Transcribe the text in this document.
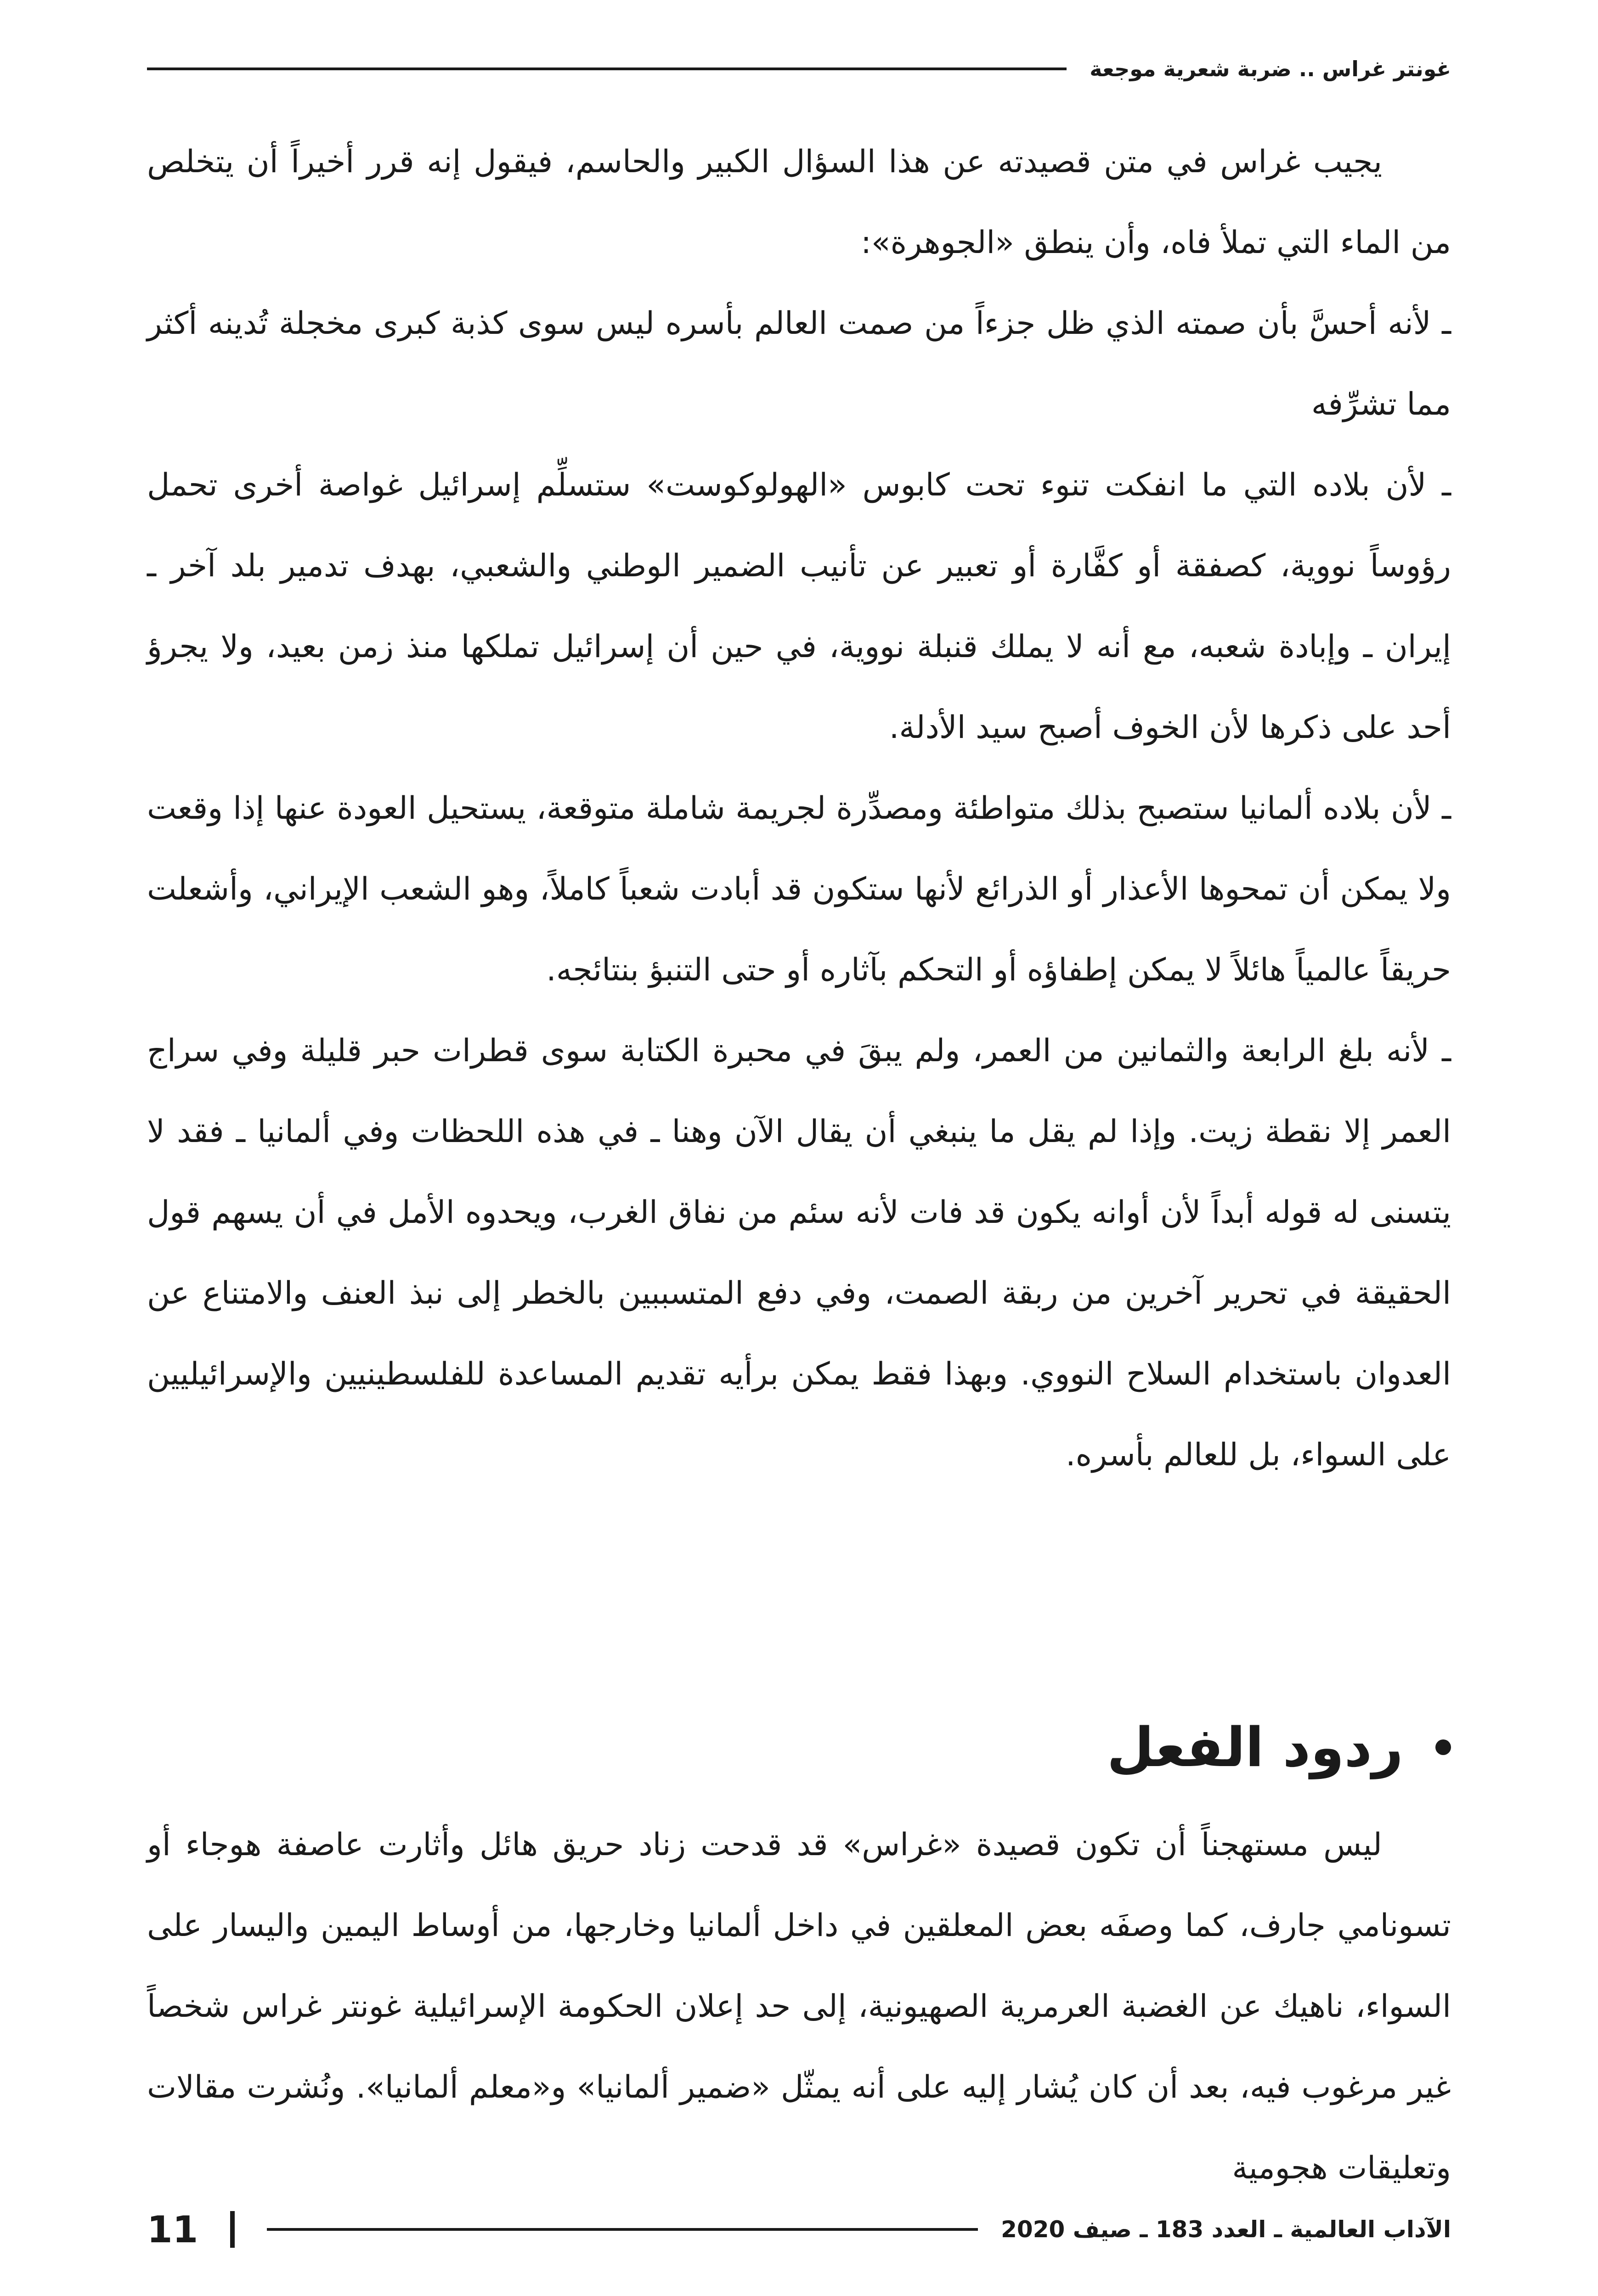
غونتر غراس .. ضربة شعرية موجعة

يجيب غراس في متن قصيدته عن هذا السؤال الكبير والحاسم، فيقول إنه قرر أخيراً أن يتخلص من الماء التي تملأ فاه، وأن ينطق «الجوهرة»:

ـ لأنه أحسَّ بأن صمته الذي ظل جزءاً من صمت العالم بأسره ليس سوى كذبة كبرى مخجلة تُدينه أكثر مما تشرِّفه

ـ لأن بلاده التي ما انفكت تنوء تحت كابوس «الهولوكوست» ستسلِّم إسرائيل غواصة أخرى تحمل رؤوساً نووية، كصفقة أو كفَّارة أو تعبير عن تأنيب الضمير الوطني والشعبي، بهدف تدمير بلد آخر ـ إيران ـ وإبادة شعبه، مع أنه لا يملك قنبلة نووية، في حين أن إسرائيل تملكها منذ زمن بعيد، ولا يجرؤ أحد على ذكرها لأن الخوف أصبح سيد الأدلة.

ـ لأن بلاده ألمانيا ستصبح بذلك متواطئة ومصدِّرة لجريمة شاملة متوقعة، يستحيل العودة عنها إذا وقعت ولا يمكن أن تمحوها الأعذار أو الذرائع لأنها ستكون قد أبادت شعباً كاملاً، وهو الشعب الإيراني، وأشعلت حريقاً عالمياً هائلاً لا يمكن إطفاؤه أو التحكم بآثاره أو حتى التنبؤ بنتائجه.

ـ لأنه بلغ الرابعة والثمانين من العمر، ولم يبقَ في محبرة الكتابة سوى قطرات حبر قليلة وفي سراج العمر إلا نقطة زيت. وإذا لم يقل ما ينبغي أن يقال الآن وهنا ـ في هذه اللحظات وفي ألمانيا ـ فقد لا يتسنى له قوله أبداً لأن أوانه يكون قد فات لأنه سئم من نفاق الغرب، ويحدوه الأمل في أن يسهم قول الحقيقة في تحرير آخرين من ربقة الصمت، وفي دفع المتسببين بالخطر إلى نبذ العنف والامتناع عن العدوان باستخدام السلاح النووي. وبهذا فقط يمكن برأيه تقديم المساعدة للفلسطينيين والإسرائيليين على السواء، بل للعالم بأسره.

ردود الفعل

ليس مستهجناً أن تكون قصيدة «غراس» قد قدحت زناد حريق هائل وأثارت عاصفة هوجاء أو تسونامي جارف، كما وصفَه بعض المعلقين في داخل ألمانيا وخارجها، من أوساط اليمين واليسار على السواء، ناهيك عن الغضبة العرمرية الصهيونية، إلى حد إعلان الحكومة الإسرائيلية غونتر غراس شخصاً غير مرغوب فيه، بعد أن كان يُشار إليه على أنه يمثّل «ضمير ألمانيا» و«معلم ألمانيا». ونُشرت مقالات وتعليقات هجومية

الآداب العالمية ـ العدد 183 ـ صيف 2020
11
